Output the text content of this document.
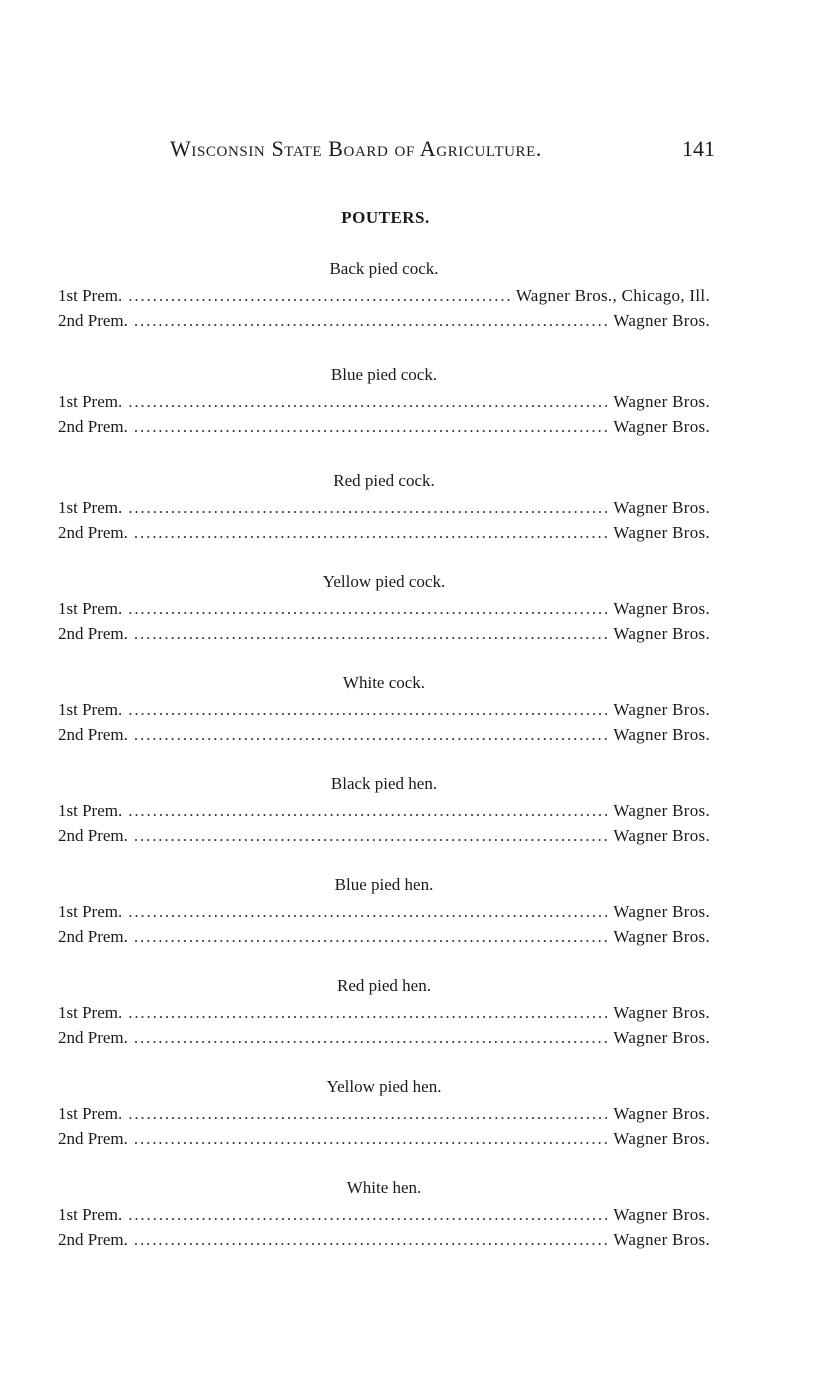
Wisconsin State Board of Agriculture.	141
POUTERS.
Back pied cock.
1st Prem. . . .	Wagner Bros., Chicago, Ill.
2nd Prem. . . .	Wagner Bros.
Blue pied cock.
1st Prem. . . .	Wagner Bros.
2nd Prem. . . .	Wagner Bros.
Red pied cock.
1st Prem. . . .	Wagner Bros.
2nd Prem. . . .	Wagner Bros.
Yellow pied cock.
1st Prem. . . .	Wagner Bros.
2nd Prem. . . .	Wagner Bros.
White cock.
1st Prem. . . .	Wagner Bros.
2nd Prem. . . .	Wagner Bros.
Black pied hen.
1st Prem. . . .	Wagner Bros.
2nd Prem. . . .	Wagner Bros.
Blue pied hen.
1st Prem. . . .	Wagner Bros.
2nd Prem. . . .	Wagner Bros.
Red pied hen.
1st Prem. . . .	Wagner Bros.
2nd Prem. . . .	Wagner Bros.
Yellow pied hen.
1st Prem. . . .	Wagner Bros.
2nd Prem. . . .	Wagner Bros.
White hen.
1st Prem. . . .	Wagner Bros.
2nd Prem. . . .	Wagner Bros.
